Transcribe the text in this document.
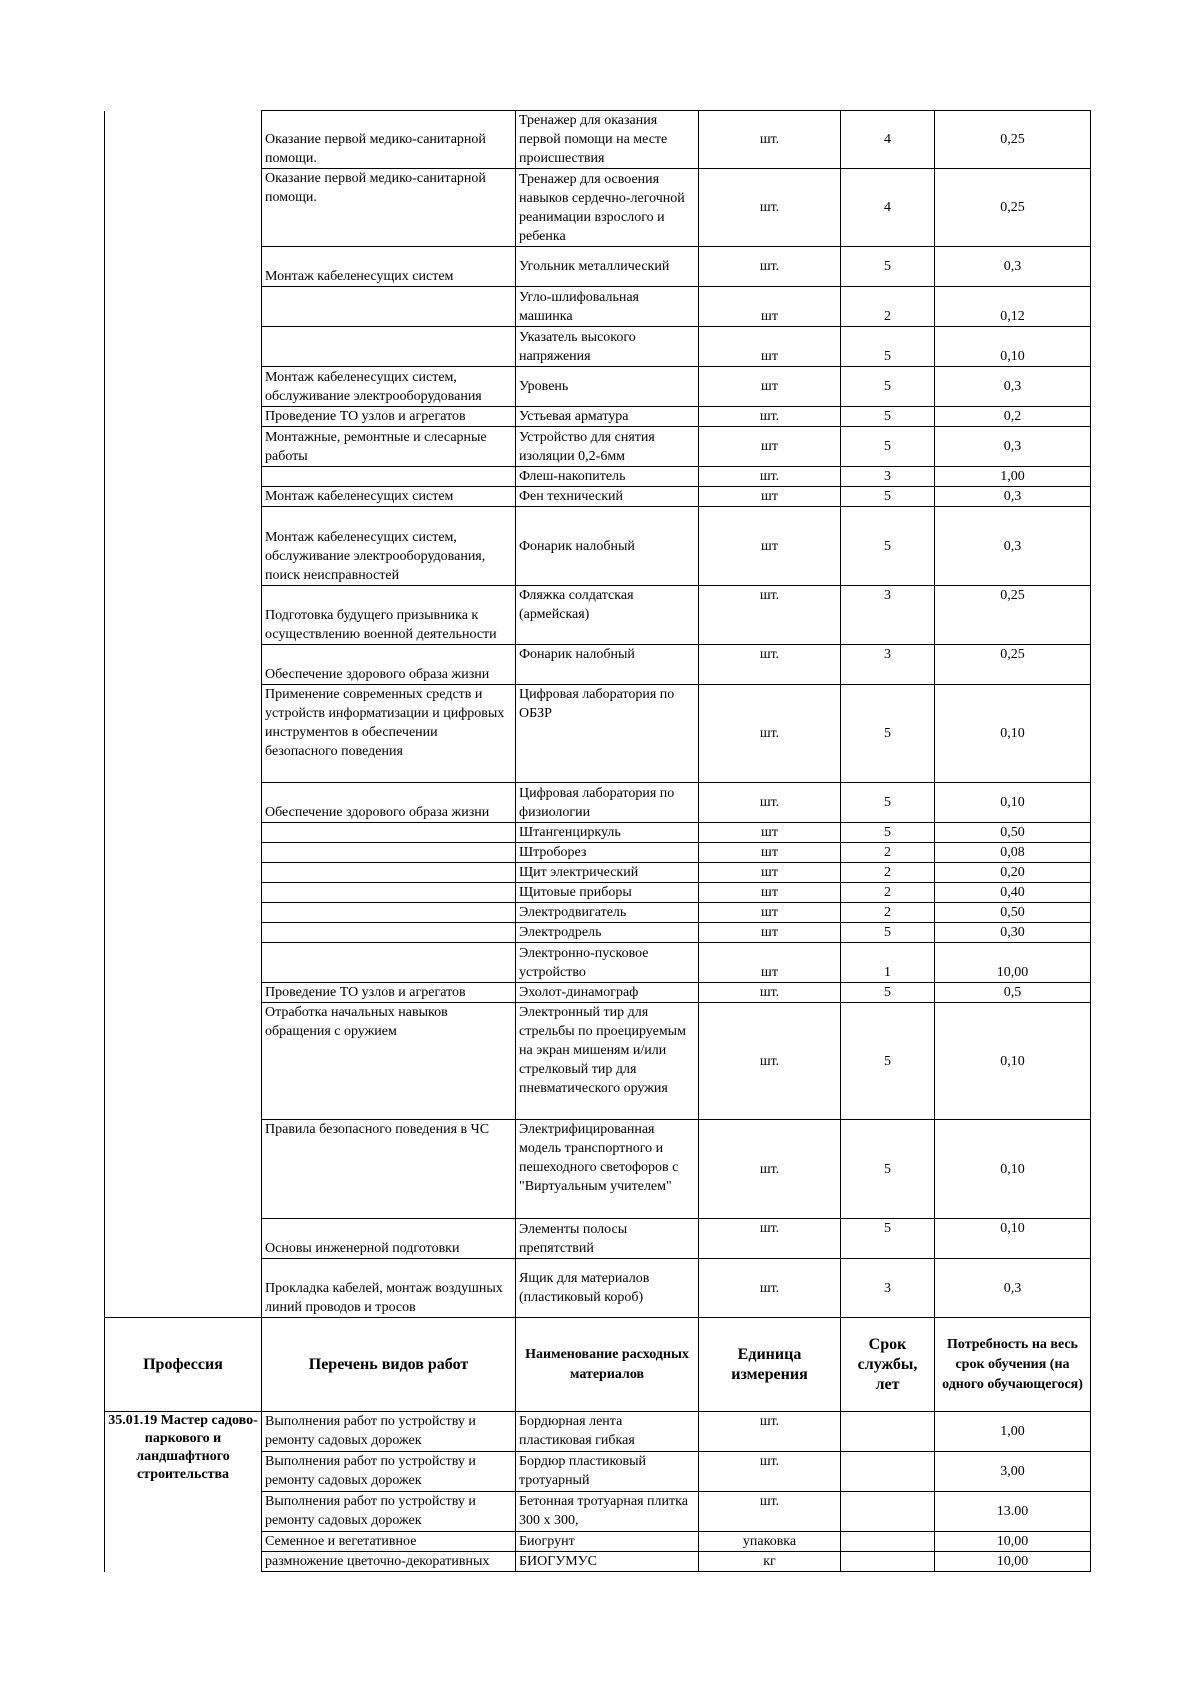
	Оказание первой медико-санитарной помощи.	Тренажер для оказания первой помощи на месте происшествия	шт.	4	0,25
	Оказание первой медико-санитарной помощи.	Тренажер для освоения навыков сердечно-легочной реанимации взрослого и ребенка	шт.	4	0,25
	Монтаж кабеленесущих систем	Угольник металлический	шт.	5	0,3
		Угло-шлифовальная машинка	шт	2	0,12
		Указатель высокого напряжения	шт	5	0,10
	Монтаж кабеленесущих систем, обслуживание электрооборудования	Уровень	шт	5	0,3
	Проведение ТО узлов и агрегатов	Устьевая арматура	шт.	5	0,2
	Монтажные, ремонтные и слесарные работы	Устройство для снятия изоляции 0,2-6мм	шт	5	0,3
		Флеш-накопитель	шт.	3	1,00
	Монтаж кабеленесущих систем	Фен технический	шт	5	0,3
	Монтаж кабеленесущих систем, обслуживание электрооборудования, поиск неисправностей	Фонарик налобный	шт	5	0,3
	Подготовка будущего призывника к осуществлению военной деятельности	Фляжка солдатская (армейская)	шт.	3	0,25
	Обеспечение здорового образа жизни	Фонарик налобный	шт.	3	0,25
	Применение современных средств и устройств информатизации и цифровых инструментов в обеспечении безопасного поведения	Цифровая лаборатория по ОБЗР	шт.	5	0,10
	Обеспечение здорового образа жизни	Цифровая лаборатория по физиологии	шт.	5	0,10
		Штангенциркуль	шт	5	0,50
		Штроборез	шт	2	0,08
		Щит электрический	шт	2	0,20
		Щитовые приборы	шт	2	0,40
		Электродвигатель	шт	2	0,50
		Электродрель	шт	5	0,30
		Электронно-пусковое устройство	шт	1	10,00
	Проведение ТО узлов и агрегатов	Эхолот-динамограф	шт.	5	0,5
	Отработка начальных навыков обращения с оружием	Электронный тир для стрельбы по проецируемым на экран мишеням и/или стрелковый тир для пневматического оружия	шт.	5	0,10
	Правила безопасного поведения в ЧС	Электрифицированная модель транспортного и пешеходного светофоров с "Виртуальным учителем"	шт.	5	0,10
	Основы инженерной подготовки	Элементы полосы препятствий	шт.	5	0,10
	Прокладка кабелей, монтаж воздушных линий проводов и тросов	Ящик для материалов (пластиковый короб)	шт.	3	0,3
Профессия	Перечень видов работ	Наименование расходных материалов	Единица измерения	Срок службы, лет	Потребность на весь срок обучения (на одного обучающегося)
35.01.19 Мастер садово-паркового и ландшафтного строительства	Выполнения работ по устройству и ремонту садовых дорожек	Бордюрная лента пластиковая гибкая	шт.		1,00
	Выполнения работ по устройству и ремонту садовых дорожек	Бордюр пластиковый тротуарный	шт.		3,00
	Выполнения работ по устройству и ремонту садовых дорожек	Бетонная тротуарная плитка 300 х 300,	шт.		13.00
	Семенное и вегетативное	Биогрунт	упаковка		10,00
	размножение цветочно-декоративных	БИОГУМУС	кг		10,00
